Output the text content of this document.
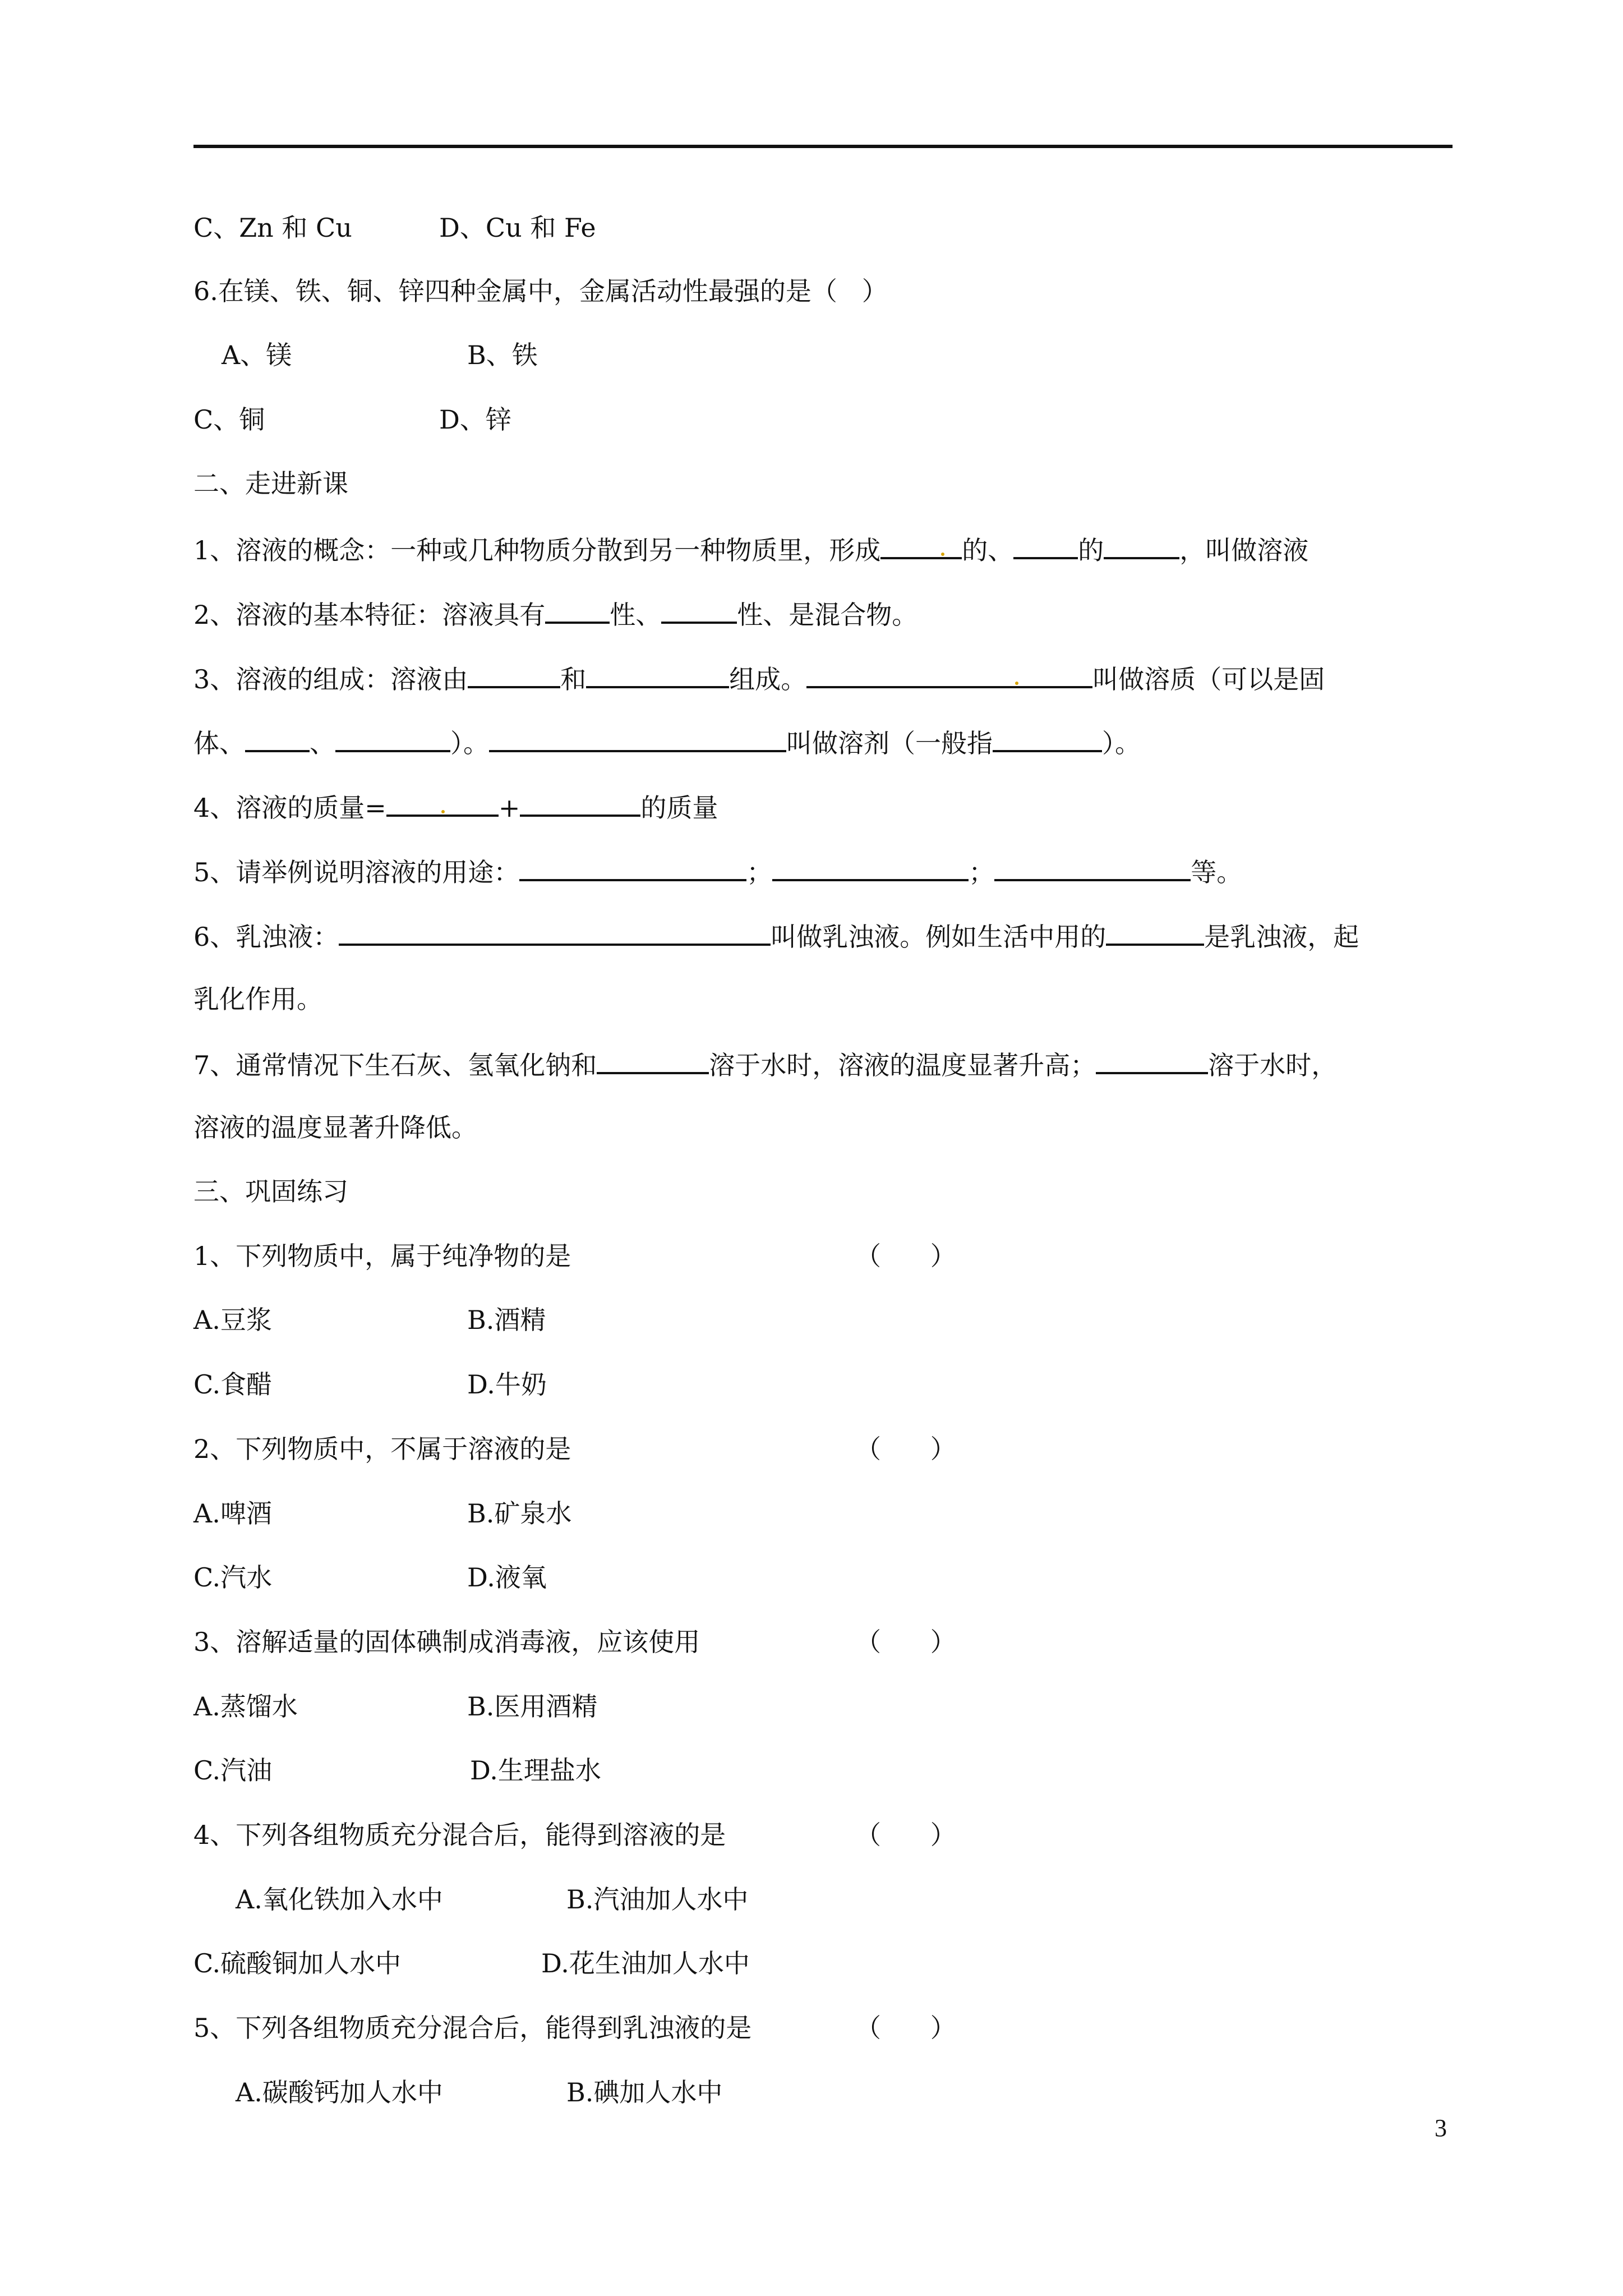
C、Zn 和 Cu	D、Cu 和 Fe
6.在镁、铁、铜、锌四种金属中，金属活动性最强的是（   ）
A、镁	B、铁
C、铜	D、锌
二、走进新课
1、溶液的概念：一种或几种物质分散到另一种物质里，形成	的、	的	，叫做溶液
2、溶液的基本特征：溶液具有	性、	性、是混合物。
3、溶液的组成：溶液由	和	组成。	叫做溶质（可以是固
体、	、	）。	叫做溶剂（一般指	）。
4、溶液的质量=	+	的质量
5、请举例说明溶液的用途：	；	；	等。
6、乳浊液：	叫做乳浊液。例如生活中用的	是乳浊液，起
乳化作用。
7、通常情况下生石灰、氢氧化钠和	溶于水时，溶液的温度显著升高；	溶于水时，
溶液的温度显著升降低。
三、巩固练习
1、下列物质中，属于纯净物的是	（      ）
A.豆浆	B.酒精
C.食醋	D.牛奶
2、下列物质中，不属于溶液的是	（      ）
A.啤酒	B.矿泉水
C.汽水	D.液氧
3、溶解适量的固体碘制成消毒液，应该使用	（      ）
A.蒸馏水	B.医用酒精
C.汽油	D.生理盐水
4、下列各组物质充分混合后，能得到溶液的是	（      ）
A.氧化铁加入水中	B.汽油加人水中
C.硫酸铜加人水中	D.花生油加人水中
5、下列各组物质充分混合后，能得到乳浊液的是	（      ）
A.碳酸钙加人水中	B.碘加人水中
3
